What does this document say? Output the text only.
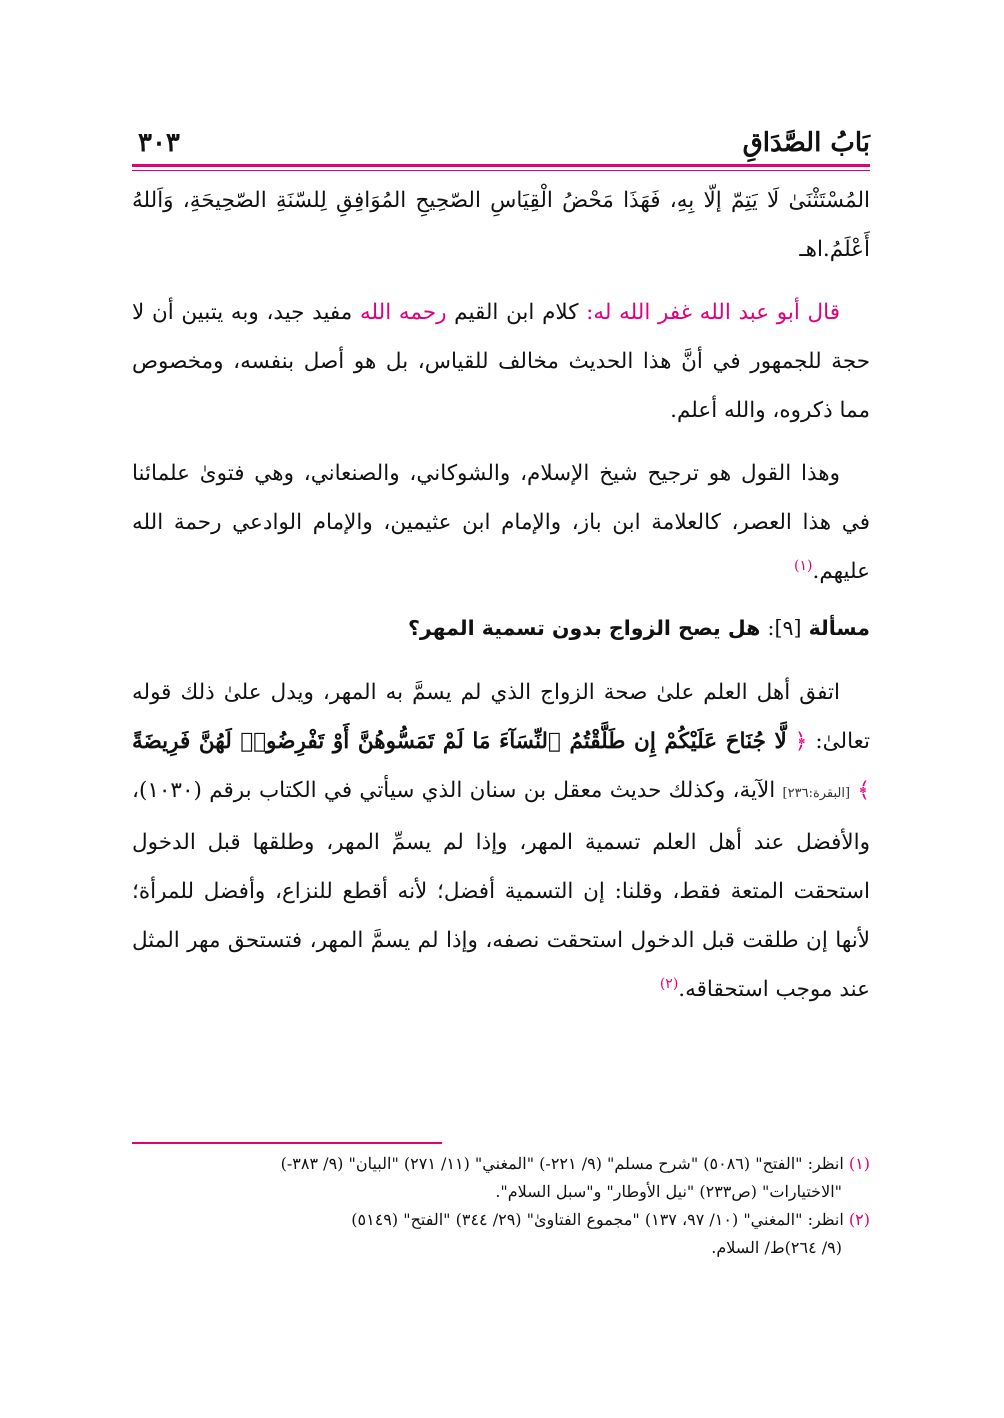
بَابُ الصَّدَاقِ
٣٠٣

المُسْتَثْنَىٰ لَا يَتِمّ إلّا بِهِ، فَهَذَا مَحْضُ الْقِيَاسِ الصّحِيحِ المُوَافِقِ لِلسّنَةِ الصّحِيحَةِ، وَاَللهُ أَعْلَمُ.اهـ

قال أبو عبد الله غفر الله له: كلام ابن القيم رحمه الله مفيد جيد، وبه يتبين أن لا حجة للجمهور في أنَّ هذا الحديث مخالف للقياس، بل هو أصل بنفسه، ومخصوص مما ذكروه، والله أعلم.

وهذا القول هو ترجيح شيخ الإسلام، والشوكاني، والصنعاني، وهي فتوىٰ علمائنا في هذا العصر، كالعلامة ابن باز، والإمام ابن عثيمين، والإمام الوادعي رحمة الله عليهم.$^{(١)}$

مسألة [٩]: هل يصح الزواج بدون تسمية المهر؟

اتفق أهل العلم علىٰ صحة الزواج الذي لم يسمَّ به المهر، ويدل علىٰ ذلك قوله تعالىٰ: ﴿ لَّا جُنَاحَ عَلَيْكُمْ إِن طَلَّقْتُمُ ٱلنِّسَآءَ مَا لَمْ تَمَسُّوهُنَّ أَوْ تَفْرِضُوا۟ لَهُنَّ فَرِيضَةً ﴾ [البقرة:٢٣٦] الآية، وكذلك حديث معقل بن سنان الذي سيأتي في الكتاب برقم (١٠٣٠)، والأفضل عند أهل العلم تسمية المهر، وإذا لم يسمِّ المهر، وطلقها قبل الدخول استحقت المتعة فقط، وقلنا: إن التسمية أفضل؛ لأنه أقطع للنزاع، وأفضل للمرأة؛ لأنها إن طلقت قبل الدخول استحقت نصفه، وإذا لم يسمَّ المهر، فتستحق مهر المثل عند موجب استحقاقه.$^{(٢)}$

(١) انظر: "الفتح" (٥٠٨٦) "شرح مسلم" (٩/ ٢٢١-) "المغني" (١١/ ٢٧١) "البيان" (٩/ ٣٨٣-)

"الاختيارات" (ص٢٣٣) "نيل الأوطار" و"سبل السلام".

(٢) انظر: "المغني" (١٠/ ٩٧، ١٣٧) "مجموع الفتاوىٰ" (٢٩/ ٣٤٤) "الفتح" (٥١٤٩)

(٩/ ٢٦٤)ط/ السلام.
